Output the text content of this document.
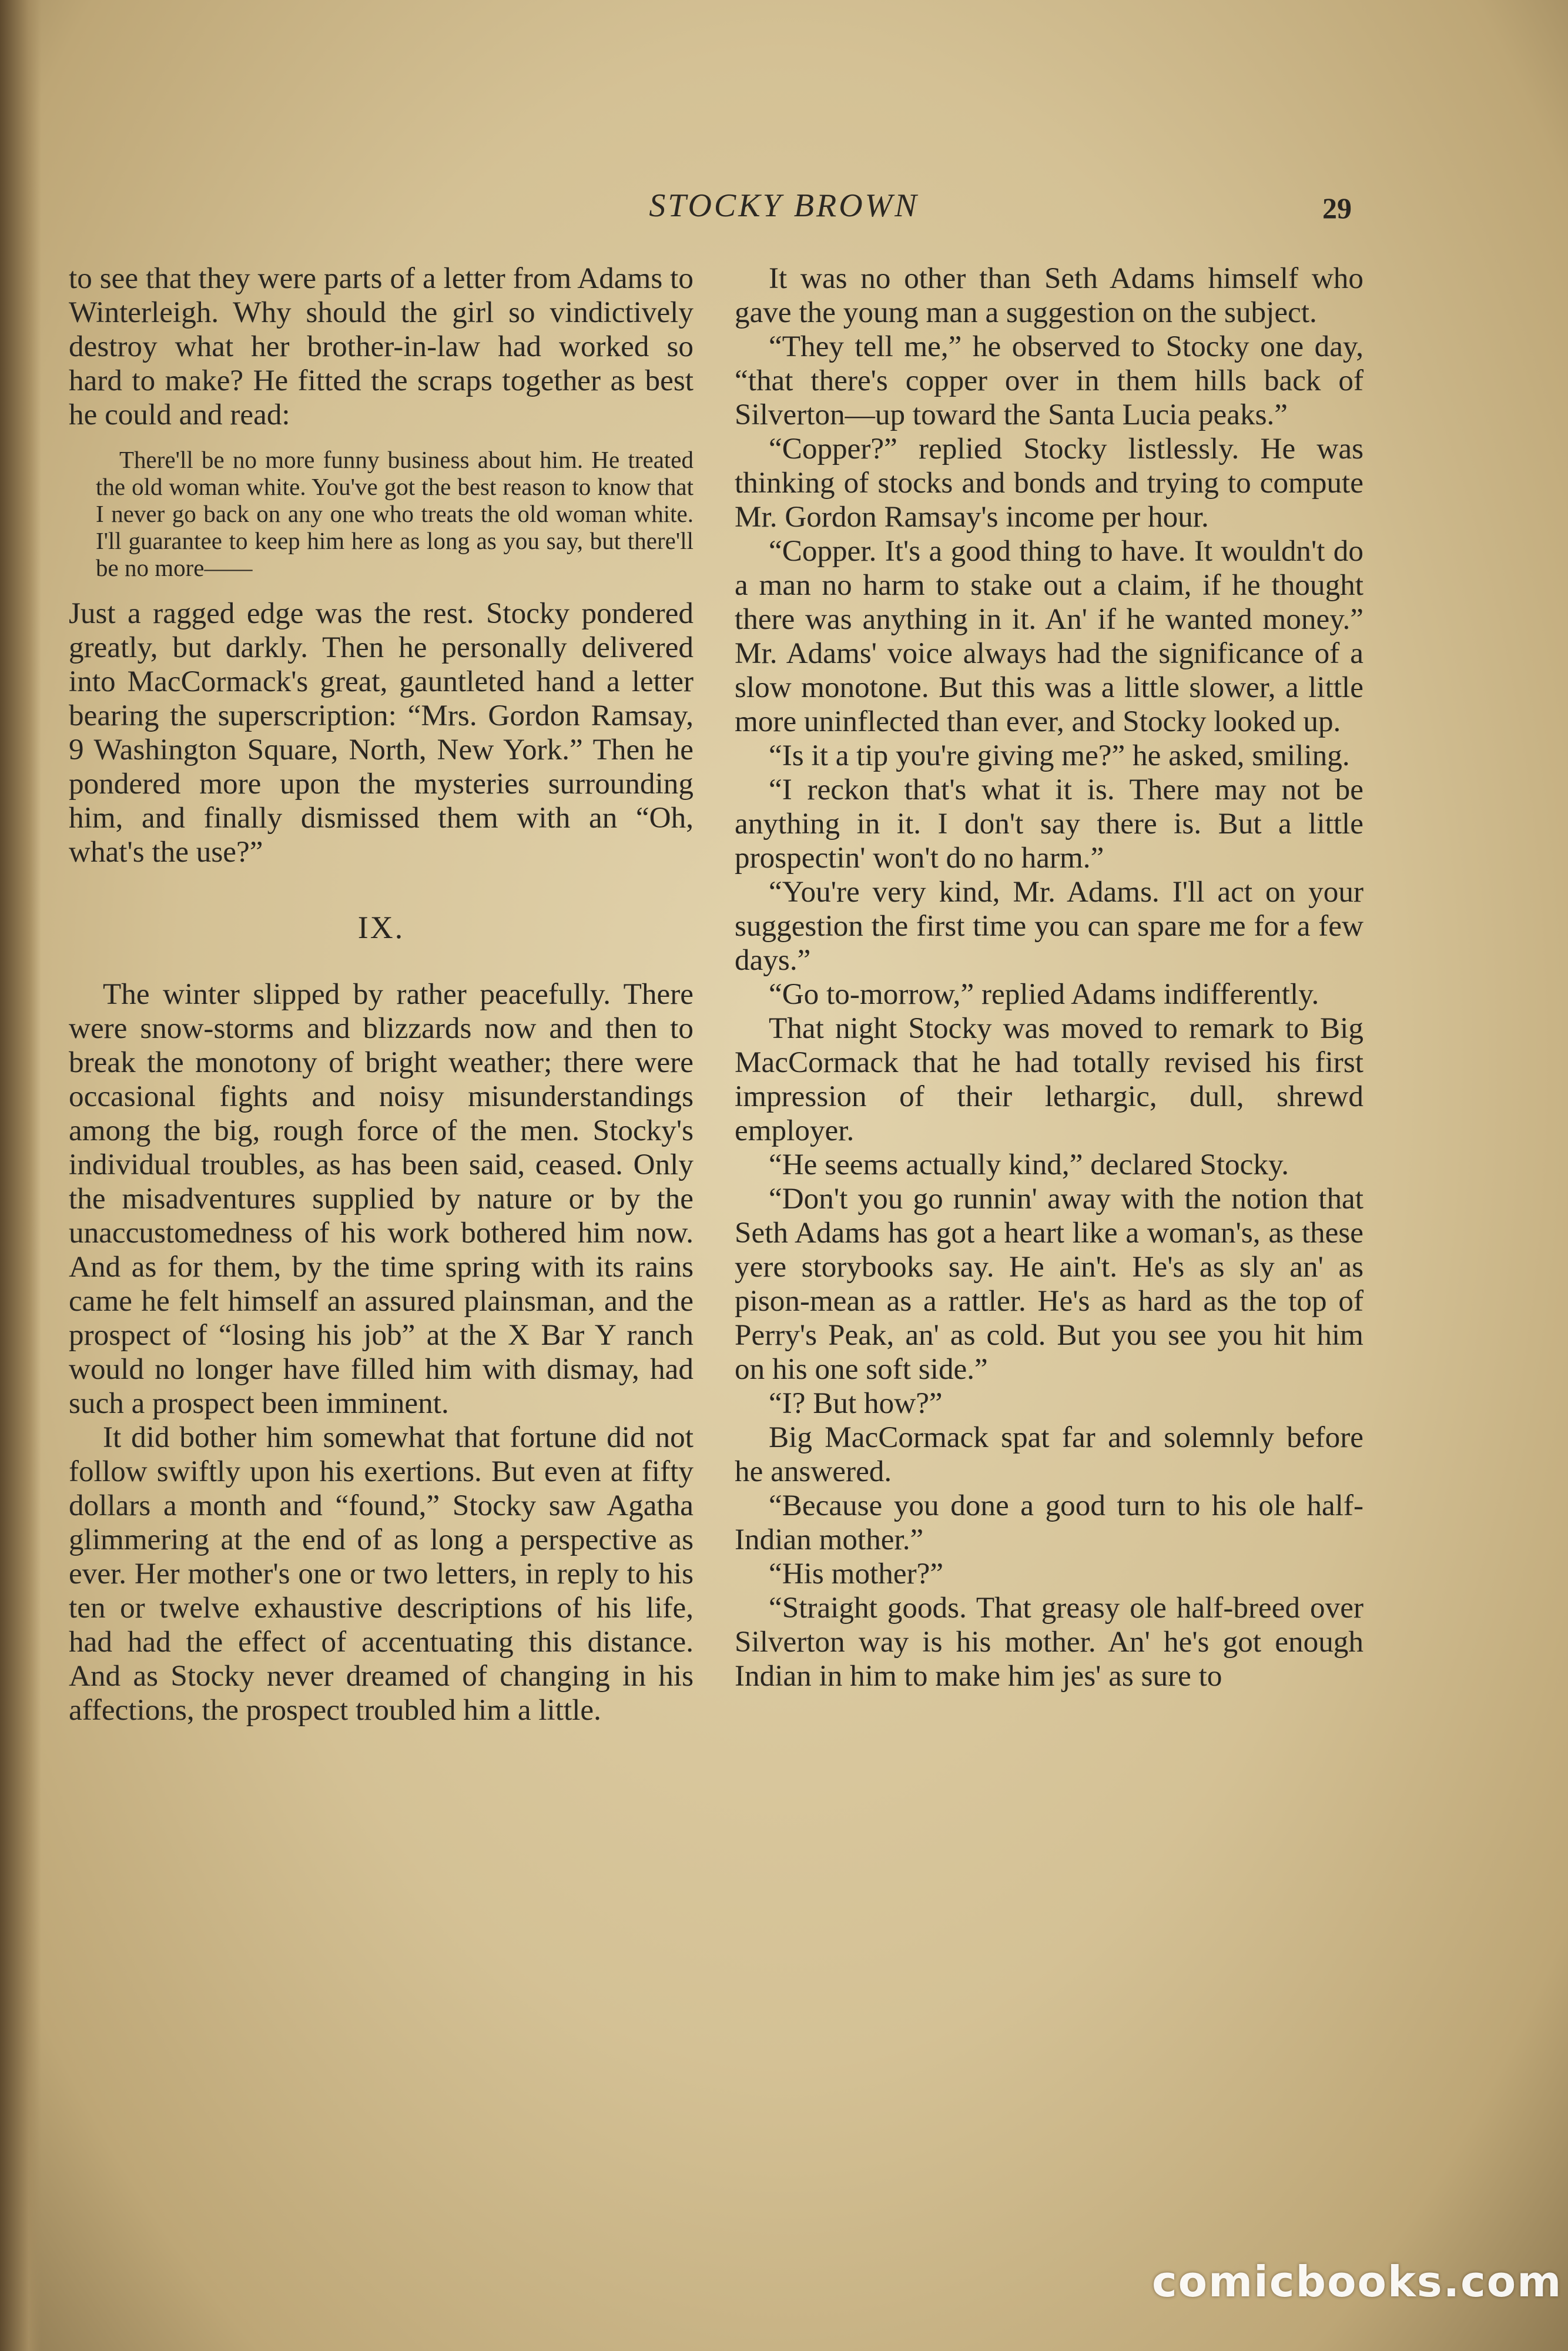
STOCKY BROWN	29

to see that they were parts of a letter from Adams to Winterleigh. Why should the girl so vindictively destroy what her brother-in-law had worked so hard to make? He fitted the scraps together as best he could and read:

There'll be no more funny business about him. He treated the old woman white. You've got the best reason to know that I never go back on any one who treats the old woman white. I'll guarantee to keep him here as long as you say, but there'll be no more——

Just a ragged edge was the rest. Stocky pondered greatly, but darkly. Then he personally delivered into MacCormack's great, gauntleted hand a letter bearing the superscription: “Mrs. Gordon Ramsay, 9 Washington Square, North, New York.” Then he pondered more upon the mysteries surrounding him, and finally dismissed them with an “Oh, what's the use?”

IX.

The winter slipped by rather peacefully. There were snow-storms and blizzards now and then to break the monotony of bright weather; there were occasional fights and noisy misunderstandings among the big, rough force of the men. Stocky's individual troubles, as has been said, ceased. Only the misadventures supplied by nature or by the unaccustomedness of his work bothered him now. And as for them, by the time spring with its rains came he felt himself an assured plainsman, and the prospect of “losing his job” at the X Bar Y ranch would no longer have filled him with dismay, had such a prospect been imminent.

It did bother him somewhat that fortune did not follow swiftly upon his exertions. But even at fifty dollars a month and “found,” Stocky saw Agatha glimmering at the end of as long a perspective as ever. Her mother's one or two letters, in reply to his ten or twelve exhaustive descriptions of his life, had had the effect of accentuating this distance. And as Stocky never dreamed of changing in his affections, the prospect troubled him a little.

It was no other than Seth Adams himself who gave the young man a suggestion on the subject.

“They tell me,” he observed to Stocky one day, “that there's copper over in them hills back of Silverton—up toward the Santa Lucia peaks.”

“Copper?” replied Stocky listlessly. He was thinking of stocks and bonds and trying to compute Mr. Gordon Ramsay's income per hour.

“Copper. It's a good thing to have. It wouldn't do a man no harm to stake out a claim, if he thought there was anything in it. An' if he wanted money.” Mr. Adams' voice always had the significance of a slow monotone. But this was a little slower, a little more uninflected than ever, and Stocky looked up.

“Is it a tip you're giving me?” he asked, smiling.

“I reckon that's what it is. There may not be anything in it. I don't say there is. But a little prospectin' won't do no harm.”

“You're very kind, Mr. Adams. I'll act on your suggestion the first time you can spare me for a few days.”

“Go to-morrow,” replied Adams indifferently.

That night Stocky was moved to remark to Big MacCormack that he had totally revised his first impression of their lethargic, dull, shrewd employer.

“He seems actually kind,” declared Stocky.

“Don't you go runnin' away with the notion that Seth Adams has got a heart like a woman's, as these yere storybooks say. He ain't. He's as sly an' as pison-mean as a rattler. He's as hard as the top of Perry's Peak, an' as cold. But you see you hit him on his one soft side.”

“I? But how?”

Big MacCormack spat far and solemnly before he answered.

“Because you done a good turn to his ole half-Indian mother.”

“His mother?”

“Straight goods. That greasy ole half-breed over Silverton way is his mother. An' he's got enough Indian in him to make him jes' as sure to

comicbooks.com
